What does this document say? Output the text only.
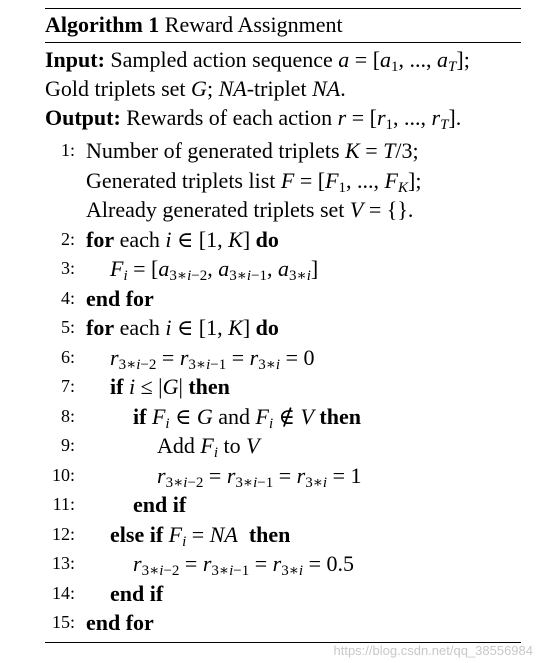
Algorithm 1 Reward Assignment
Input: Sampled action sequence $a = [a_1$, ..., $a_T$];
Gold triplets set G; NA-triplet NA.
Output: Rewards of each action $r = [r_1$, ..., $r_T$].
1: Number of generated triplets K = T/3;
Generated triplets list $F = [F_1$, ..., $F_K$];
Already generated triplets set V = {}.
2: for each i ∈ [1, K] do
3: $F_i = [a_{3∗i-2}$, $a_{3∗i-1}$, $a_{3∗i}$]
4: end for
5: for each i ∈ [1, K] do
6: $r_{3∗i-2} = r_{3∗i-1} = r_{3∗i} = 0$
7: if i ≤ |G| then
8:	if $F_i$ ∈ G and $F_i$ ∉ V then
9:	Add $F_i$ to V
10:	$r_{3∗i-2} = r_{3∗i-1} = r_{3∗i} = 1$
11:	end if
12: else if $F_i$ = NA then
13:	$r_{3∗i-2} = r_{3∗i-1} = r_{3∗i} = 0.5$
14: end if
15: end for
https://blog.csdn.net/qq_38556984
